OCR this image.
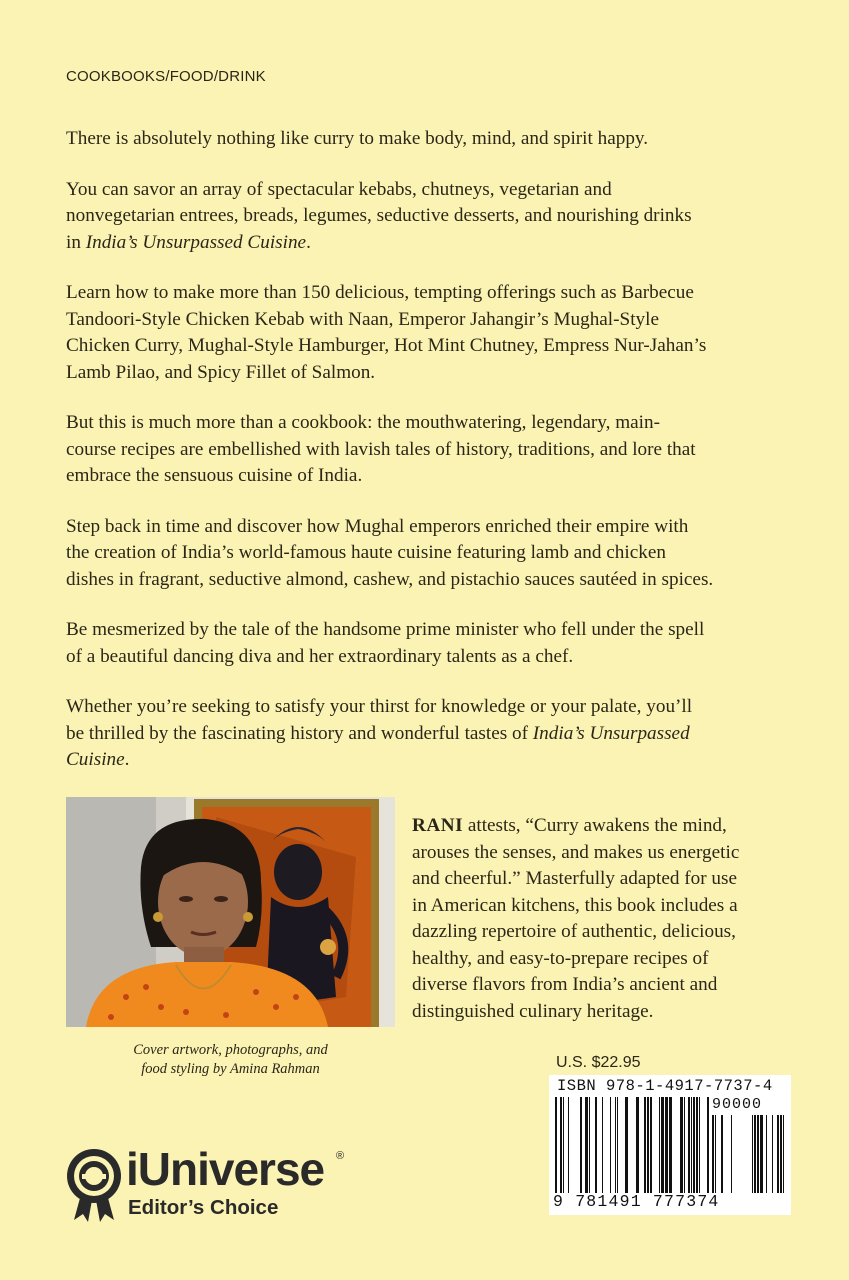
COOKBOOKS/FOOD/DRINK

There is absolutely nothing like curry to make body, mind, and spirit happy.

You can savor an array of spectacular kebabs, chutneys, vegetarian and
nonvegetarian entrees, breads, legumes, seductive desserts, and nourishing drinks
in India’s Unsurpassed Cuisine.

Learn how to make more than 150 delicious, tempting offerings such as Barbecue
Tandoori-Style Chicken Kebab with Naan, Emperor Jahangir’s Mughal-Style
Chicken Curry, Mughal-Style Hamburger, Hot Mint Chutney, Empress Nur-Jahan’s
Lamb Pilao, and Spicy Fillet of Salmon.

But this is much more than a cookbook: the mouthwatering, legendary, main-
course recipes are embellished with lavish tales of history, traditions, and lore that
embrace the sensuous cuisine of India.

Step back in time and discover how Mughal emperors enriched their empire with
the creation of India’s world-famous haute cuisine featuring lamb and chicken
dishes in fragrant, seductive almond, cashew, and pistachio sauces sautéed in spices.

Be mesmerized by the tale of the handsome prime minister who fell under the spell
of a beautiful dancing diva and her extraordinary talents as a chef.

Whether you’re seeking to satisfy your thirst for knowledge or your palate, you’ll
be thrilled by the fascinating history and wonderful tastes of India’s Unsurpassed
Cuisine.

Cover artwork, photographs, and
food styling by Amina Rahman
RANI attests, “Curry awakens the mind,
arouses the senses, and makes us energetic
and cheerful.” Masterfully adapted for use
in American kitchens, this book includes a
dazzling repertoire of authentic, delicious,
healthy, and easy-to-prepare recipes of
diverse flavors from India’s ancient and
distinguished culinary heritage.
U.S. $22.95
ISBN 978-1-4917-7737-4
90000
9 781491 777374
iUniverse ®
Editor’s Choice
